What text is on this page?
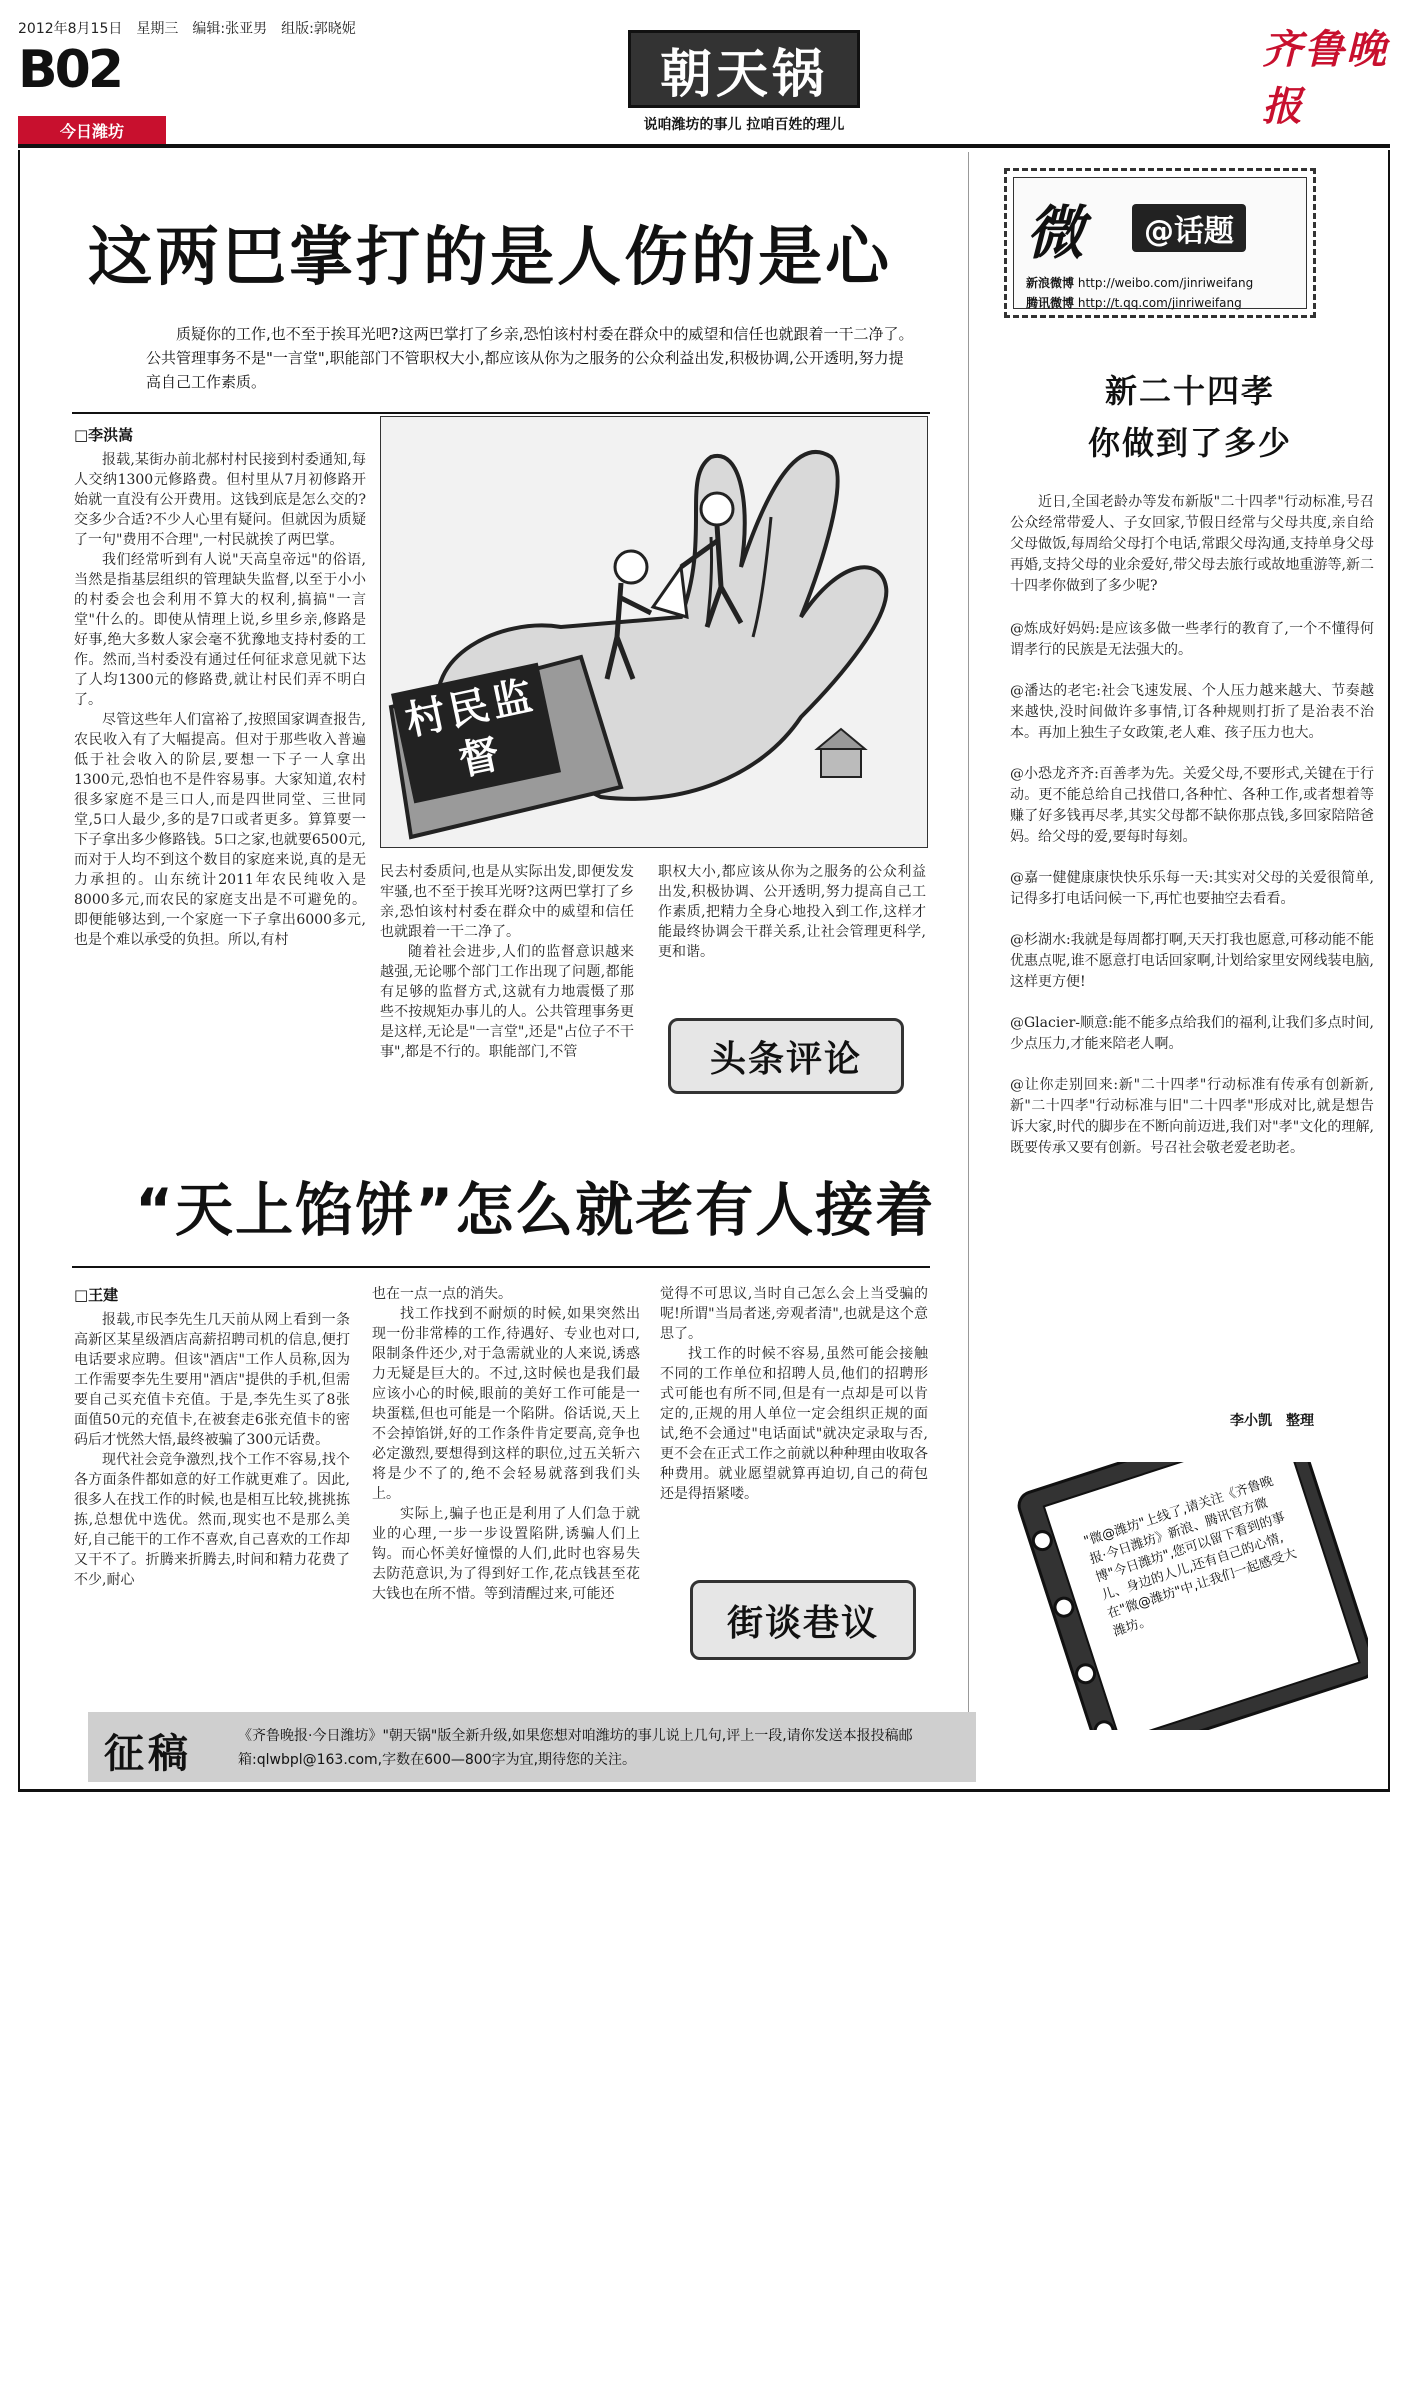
2012年8月15日　星期三　编辑:张亚男　组版:郭晓妮
B02
今日潍坊
朝天锅
说咱潍坊的事儿 拉咱百姓的理儿
齐鲁晚报
这两巴掌打的是人伤的是心
质疑你的工作,也不至于挨耳光吧?这两巴掌打了乡亲,恐怕该村村委在群众中的威望和信任也就跟着一干二净了。公共管理事务不是"一言堂",职能部门不管职权大小,都应该从你为之服务的公众利益出发,积极协调,公开透明,努力提高自己工作素质。
□李洪嵩

报载,某街办前北郝村村民接到村委通知,每人交纳1300元修路费。但村里从7月初修路开始就一直没有公开费用。这钱到底是怎么交的?交多少合适?不少人心里有疑问。但就因为质疑了一句"费用不合理",一村民就挨了两巴掌。

我们经常听到有人说"天高皇帝远"的俗语,当然是指基层组织的管理缺失监督,以至于小小的村委会也会利用不算大的权利,搞搞"一言堂"什么的。即使从情理上说,乡里乡亲,修路是好事,绝大多数人家会毫不犹豫地支持村委的工作。然而,当村委没有通过任何征求意见就下达了人均1300元的修路费,就让村民们弄不明白了。

尽管这些年人们富裕了,按照国家调查报告,农民收入有了大幅提高。但对于那些收入普遍低于社会收入的阶层,要想一下子一人拿出1300元,恐怕也不是件容易事。大家知道,农村很多家庭不是三口人,而是四世同堂、三世同堂,5口人最少,多的是7口或者更多。算算要一下子拿出多少修路钱。5口之家,也就要6500元,而对于人均不到这个数目的家庭来说,真的是无力承担的。山东统计2011年农民纯收入是8000多元,而农民的家庭支出是不可避免的。即便能够达到,一个家庭一下子拿出6000多元,也是个难以承受的负担。所以,有村

村民监督

民去村委质问,也是从实际出发,即便发发牢骚,也不至于挨耳光呀?这两巴掌打了乡亲,恐怕该村村委在群众中的威望和信任也就跟着一干二净了。

随着社会进步,人们的监督意识越来越强,无论哪个部门工作出现了问题,都能有足够的监督方式,这就有力地震慑了那些不按规矩办事儿的人。公共管理事务更是这样,无论是"一言堂",还是"占位子不干事",都是不行的。职能部门,不管

职权大小,都应该从你为之服务的公众利益出发,积极协调、公开透明,努力提高自己工作素质,把精力全身心地投入到工作,这样才能最终协调会干群关系,让社会管理更科学,更和谐。

头条评论
“天上馅饼”怎么就老有人接着
□王建

报载,市民李先生几天前从网上看到一条高新区某星级酒店高薪招聘司机的信息,便打电话要求应聘。但该"酒店"工作人员称,因为工作需要李先生要用"酒店"提供的手机,但需要自己买充值卡充值。于是,李先生买了8张面值50元的充值卡,在被套走6张充值卡的密码后才恍然大悟,最终被骗了300元话费。

现代社会竞争激烈,找个工作不容易,找个各方面条件都如意的好工作就更难了。因此,很多人在找工作的时候,也是相互比较,挑挑拣拣,总想优中选优。然而,现实也不是那么美好,自己能干的工作不喜欢,自己喜欢的工作却又干不了。折腾来折腾去,时间和精力花费了不少,耐心

也在一点一点的消失。

找工作找到不耐烦的时候,如果突然出现一份非常棒的工作,待遇好、专业也对口,限制条件还少,对于急需就业的人来说,诱惑力无疑是巨大的。不过,这时候也是我们最应该小心的时候,眼前的美好工作可能是一块蛋糕,但也可能是一个陷阱。俗话说,天上不会掉馅饼,好的工作条件肯定要高,竞争也必定激烈,要想得到这样的职位,过五关斩六将是少不了的,绝不会轻易就落到我们头上。

实际上,骗子也正是利用了人们急于就业的心理,一步一步设置陷阱,诱骗人们上钩。而心怀美好憧憬的人们,此时也容易失去防范意识,为了得到好工作,花点钱甚至花大钱也在所不惜。等到清醒过来,可能还

觉得不可思议,当时自己怎么会上当受骗的呢!所谓"当局者迷,旁观者清",也就是这个意思了。

找工作的时候不容易,虽然可能会接触不同的工作单位和招聘人员,他们的招聘形式可能也有所不同,但是有一点却是可以肯定的,正规的用人单位一定会组织正规的面试,绝不会通过"电话面试"就决定录取与否,更不会在正式工作之前就以种种理由收取各种费用。就业愿望就算再迫切,自己的荷包还是得捂紧喽。

街谈巷议
微	@话题
新浪微博 http://weibo.com/jinriweifang
腾讯微博 http://t.qq.com/jinriweifang
新二十四孝
你做到了多少

近日,全国老龄办等发布新版"二十四孝"行动标准,号召公众经常带爱人、子女回家,节假日经常与父母共度,亲自给父母做饭,每周给父母打个电话,常跟父母沟通,支持单身父母再婚,支持父母的业余爱好,带父母去旅行或故地重游等,新二十四孝你做到了多少呢?

@炼成好妈妈:是应该多做一些孝行的教育了,一个不懂得何谓孝行的民族是无法强大的。

@潘达的老宅:社会飞速发展、个人压力越来越大、节奏越来越快,没时间做许多事情,订各种规则打折了是治表不治本。再加上独生子女政策,老人难、孩子压力也大。

@小恐龙齐齐:百善孝为先。关爱父母,不要形式,关键在于行动。更不能总给自己找借口,各种忙、各种工作,或者想着等赚了好多钱再尽孝,其实父母都不缺你那点钱,多回家陪陪爸妈。给父母的爱,要每时每刻。

@嘉一健健康康快快乐乐每一天:其实对父母的关爱很简单,记得多打电话问候一下,再忙也要抽空去看看。

@杉湖水:我就是每周都打啊,天天打我也愿意,可移动能不能优惠点呢,谁不愿意打电话回家啊,计划给家里安网线装电脑,这样更方便!

@Glacier-顺意:能不能多点给我们的福利,让我们多点时间,少点压力,才能来陪老人啊。

@让你走别回来:新"二十四孝"行动标准有传承有创新新,新"二十四孝"行动标准与旧"二十四孝"形成对比,就是想告诉大家,时代的脚步在不断向前迈进,我们对"孝"文化的理解,既要传承又要有创新。号召社会敬老爱老助老。

李小凯　整理
"微@潍坊"上线了,请关注《齐鲁晚报·今日潍坊》新浪、腾讯官方微博"今日潍坊",您可以留下看到的事儿、身边的人儿,还有自己的心情,在"微@潍坊"中,让我们一起感受大潍坊。
征稿	《齐鲁晚报·今日潍坊》"朝天锅"版全新升级,如果您想对咱潍坊的事儿说上几句,评上一段,请你发送本报投稿邮箱:qlwbpl@163.com,字数在600—800字为宜,期待您的关注。
